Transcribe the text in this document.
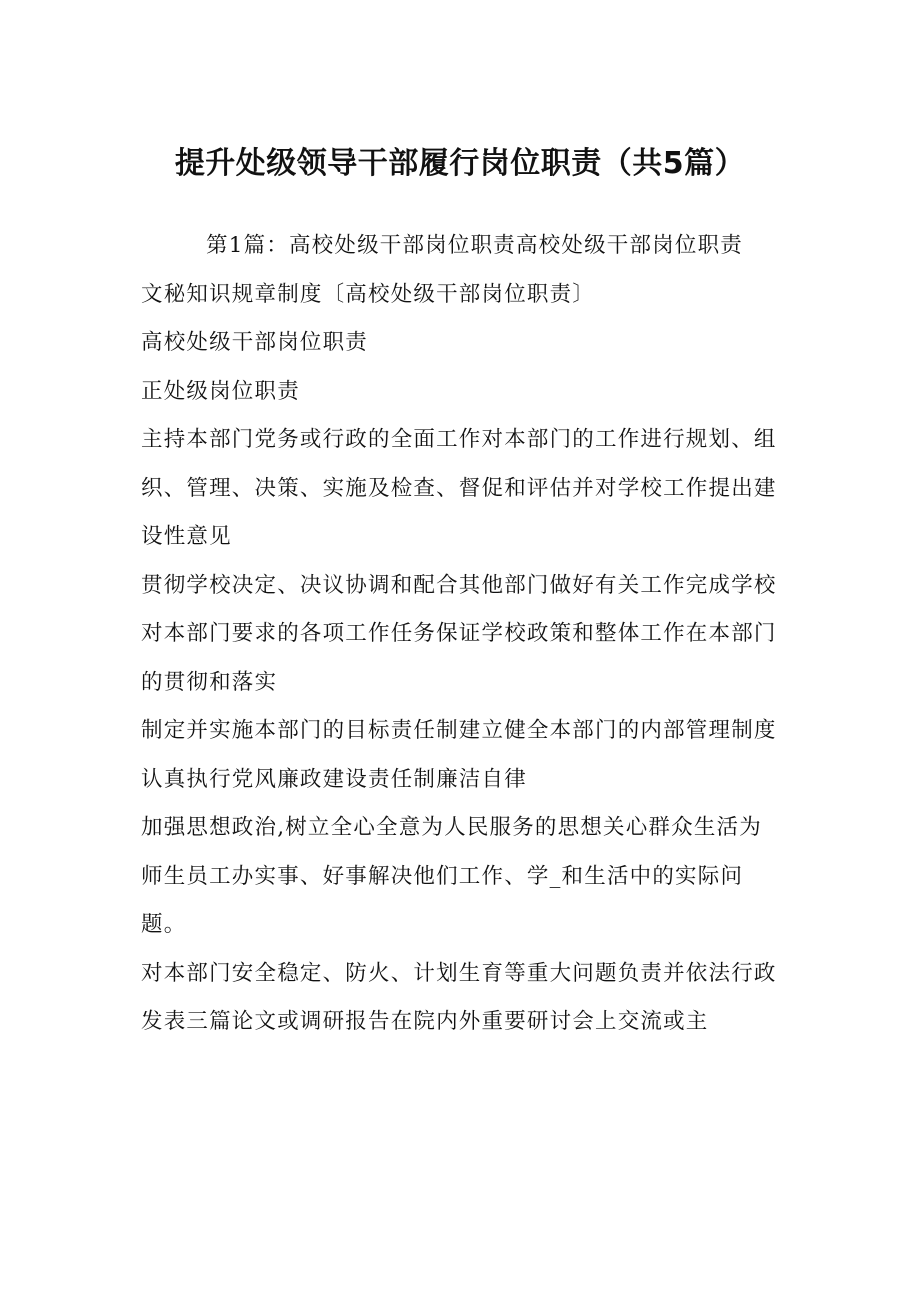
提升处级领导干部履行岗位职责（共5篇）

第1篇：高校处级干部岗位职责高校处级干部岗位职责

文秘知识规章制度〔高校处级干部岗位职责〕

高校处级干部岗位职责

正处级岗位职责

主持本部门党务或行政的全面工作对本部门的工作进行规划、组织、管理、决策、实施及检查、督促和评估并对学校工作提出建设性意见

贯彻学校决定、决议协调和配合其他部门做好有关工作完成学校对本部门要求的各项工作任务保证学校政策和整体工作在本部门的贯彻和落实

制定并实施本部门的目标责任制建立健全本部门的内部管理制度

认真执行党风廉政建设责任制廉洁自律

加强思想政治,树立全心全意为人民服务的思想关心群众生活为师生员工办实事、好事解决他们工作、学_和生活中的实际问题。

对本部门安全稳定、防火、计划生育等重大问题负责并依法行政

发表三篇论文或调研报告在院内外重要研讨会上交流或主
